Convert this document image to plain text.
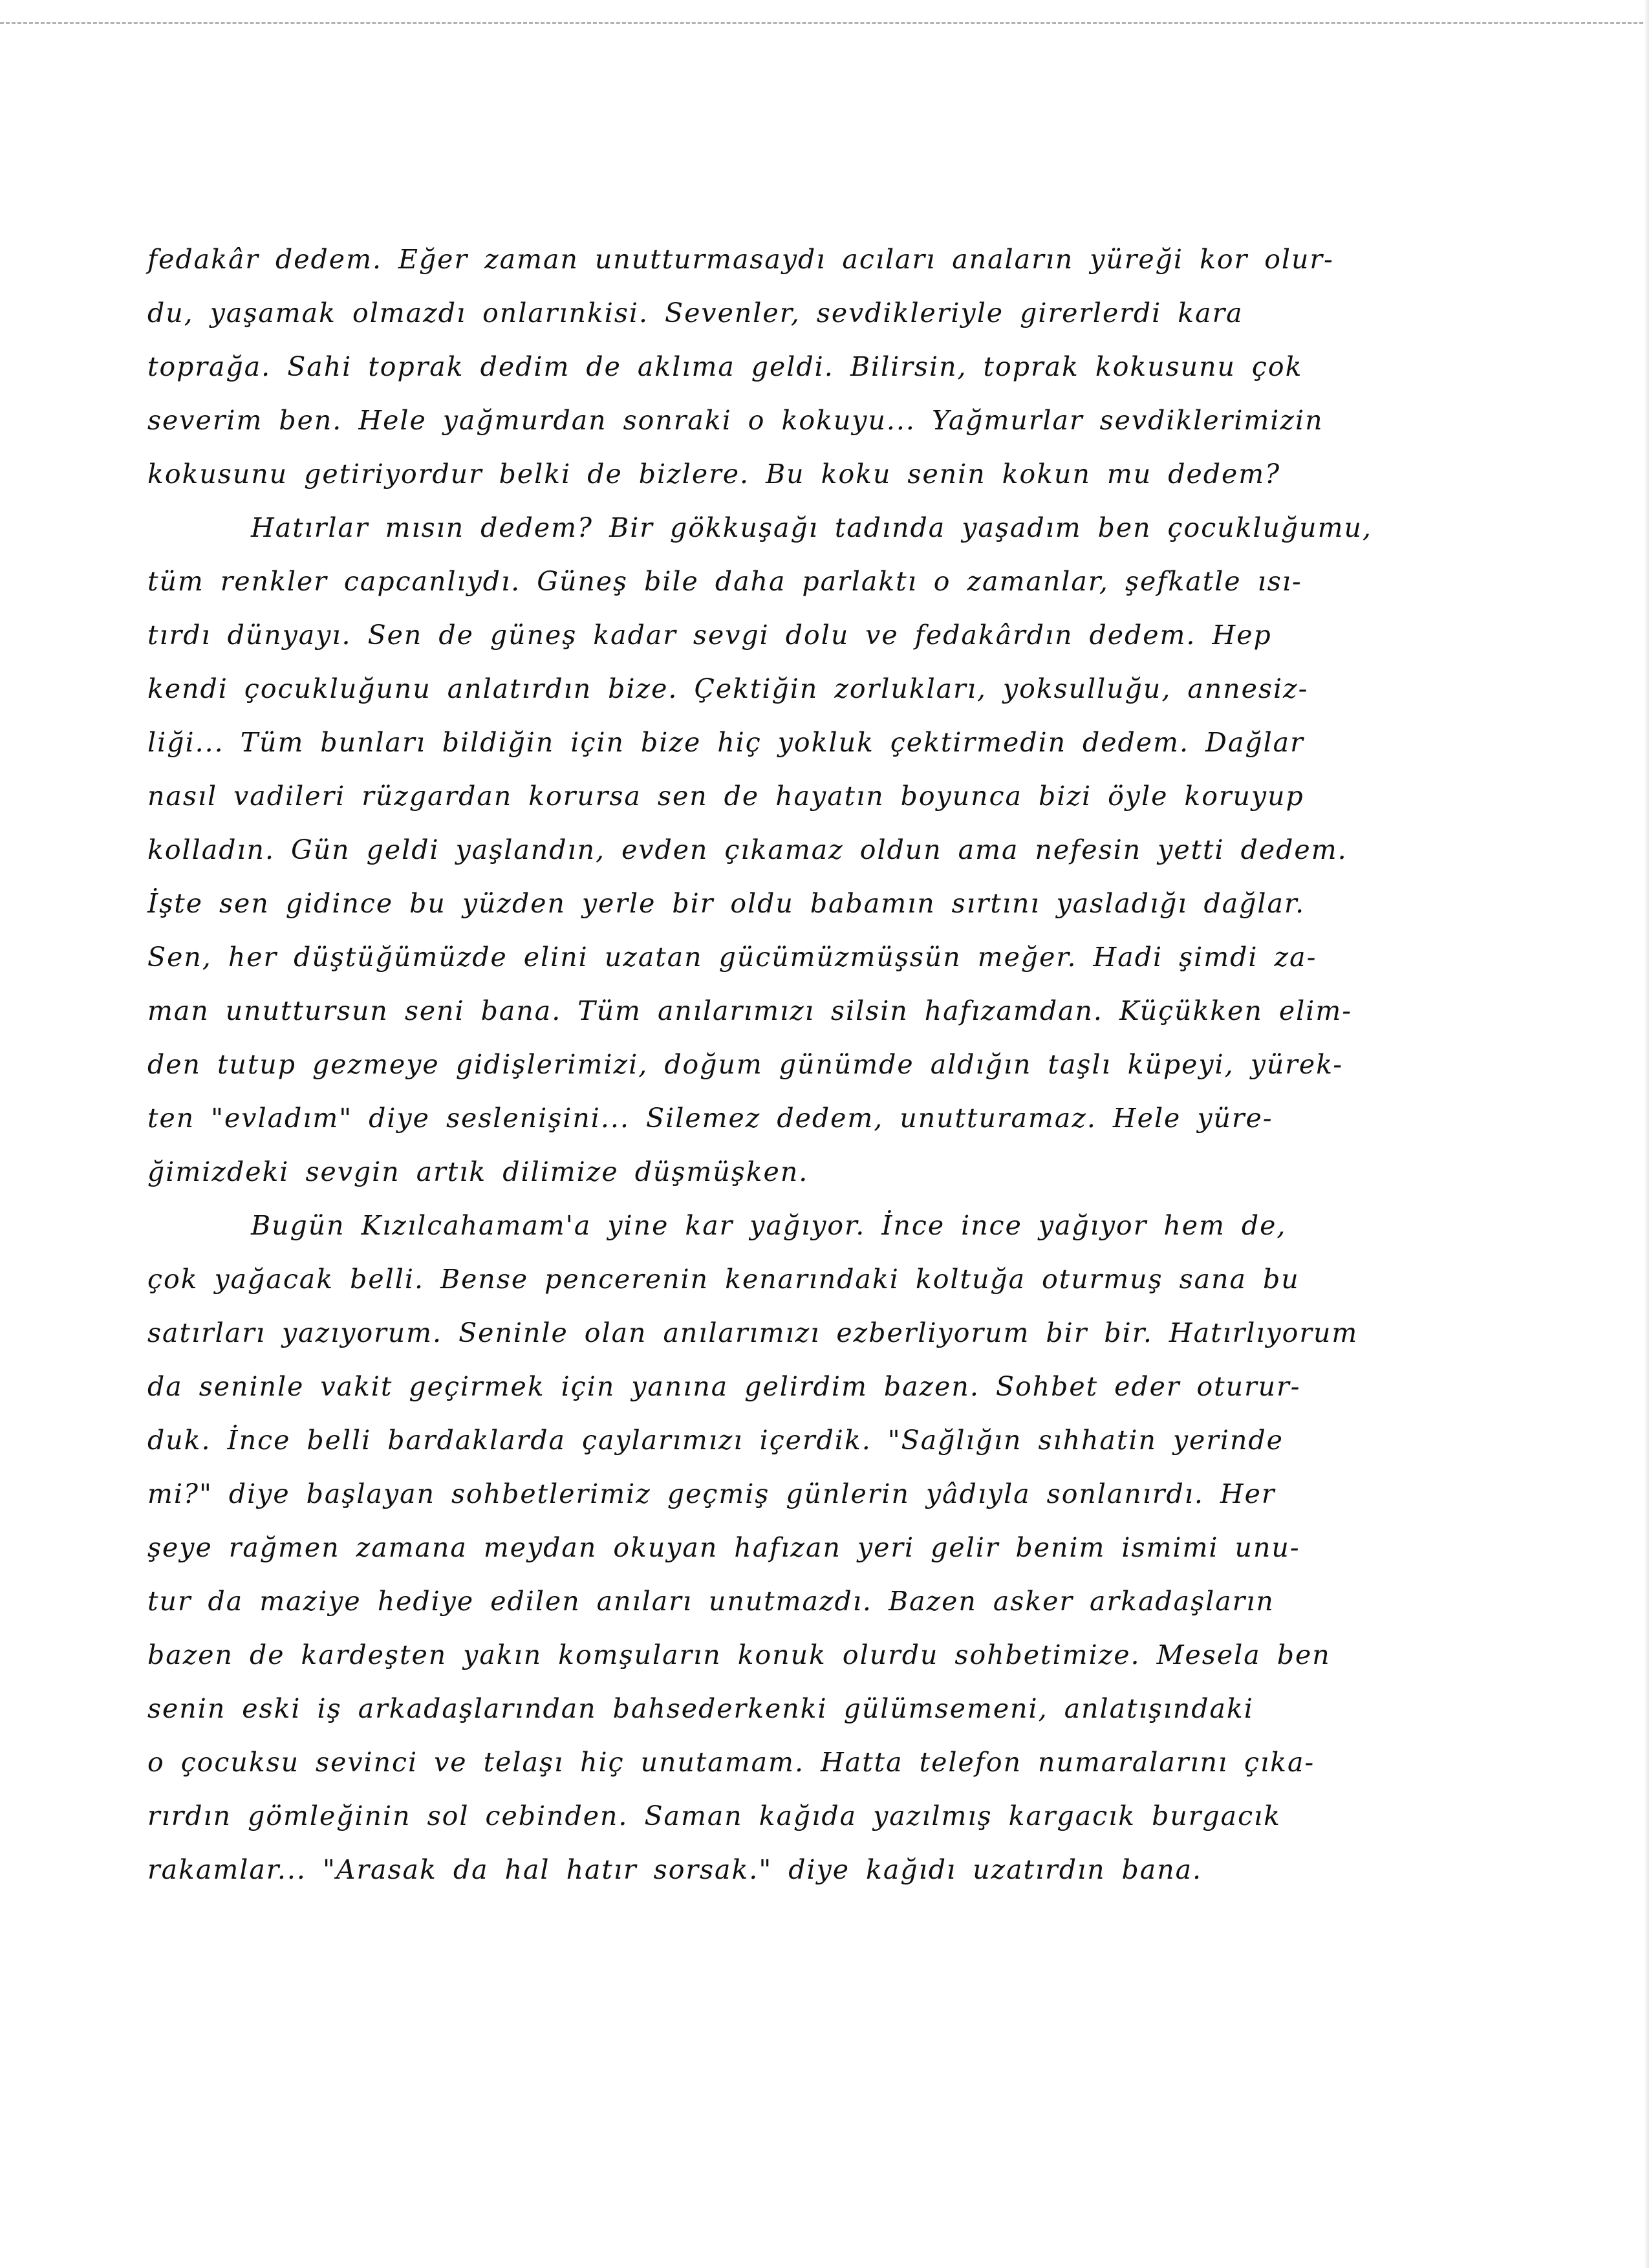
fedakâr dedem. Eğer zaman unutturmasaydı acıları anaların yüreği kor olur-
du, yaşamak olmazdı onlarınkisi. Sevenler, sevdikleriyle girerlerdi kara
toprağa. Sahi toprak dedim de aklıma geldi. Bilirsin, toprak kokusunu çok
severim ben. Hele yağmurdan sonraki o kokuyu... Yağmurlar sevdiklerimizin
kokusunu getiriyordur belki de bizlere. Bu koku senin kokun mu dedem?
Hatırlar mısın dedem? Bir gökkuşağı tadında yaşadım ben çocukluğumu,
tüm renkler capcanlıydı. Güneş bile daha parlaktı o zamanlar, şefkatle ısı-
tırdı dünyayı. Sen de güneş kadar sevgi dolu ve fedakârdın dedem. Hep
kendi çocukluğunu anlatırdın bize. Çektiğin zorlukları, yoksulluğu, annesiz-
liği... Tüm bunları bildiğin için bize hiç yokluk çektirmedin dedem. Dağlar
nasıl vadileri rüzgardan korursa sen de hayatın boyunca bizi öyle koruyup
kolladın. Gün geldi yaşlandın, evden çıkamaz oldun ama nefesin yetti dedem.
İşte sen gidince bu yüzden yerle bir oldu babamın sırtını yasladığı dağlar.
Sen, her düştüğümüzde elini uzatan gücümüzmüşsün meğer. Hadi şimdi za-
man unuttursun seni bana. Tüm anılarımızı silsin hafızamdan. Küçükken elim-
den tutup gezmeye gidişlerimizi, doğum günümde aldığın taşlı küpeyi, yürek-
ten "evladım" diye seslenişini... Silemez dedem, unutturamaz. Hele yüre-
ğimizdeki sevgin artık dilimize düşmüşken.
Bugün Kızılcahamam'a yine kar yağıyor. İnce ince yağıyor hem de,
çok yağacak belli. Bense pencerenin kenarındaki koltuğa oturmuş sana bu
satırları yazıyorum. Seninle olan anılarımızı ezberliyorum bir bir. Hatırlıyorum
da seninle vakit geçirmek için yanına gelirdim bazen. Sohbet eder oturur-
duk. İnce belli bardaklarda çaylarımızı içerdik. "Sağlığın sıhhatin yerinde
mi?" diye başlayan sohbetlerimiz geçmiş günlerin yâdıyla sonlanırdı. Her
şeye rağmen zamana meydan okuyan hafızan yeri gelir benim ismimi unu-
tur da maziye hediye edilen anıları unutmazdı. Bazen asker arkadaşların
bazen de kardeşten yakın komşuların konuk olurdu sohbetimize. Mesela ben
senin eski iş arkadaşlarından bahsederkenki gülümsemeni, anlatışındaki
o çocuksu sevinci ve telaşı hiç unutamam. Hatta telefon numaralarını çıka-
rırdın gömleğinin sol cebinden. Saman kağıda yazılmış kargacık burgacık
rakamlar... "Arasak da hal hatır sorsak." diye kağıdı uzatırdın bana.
